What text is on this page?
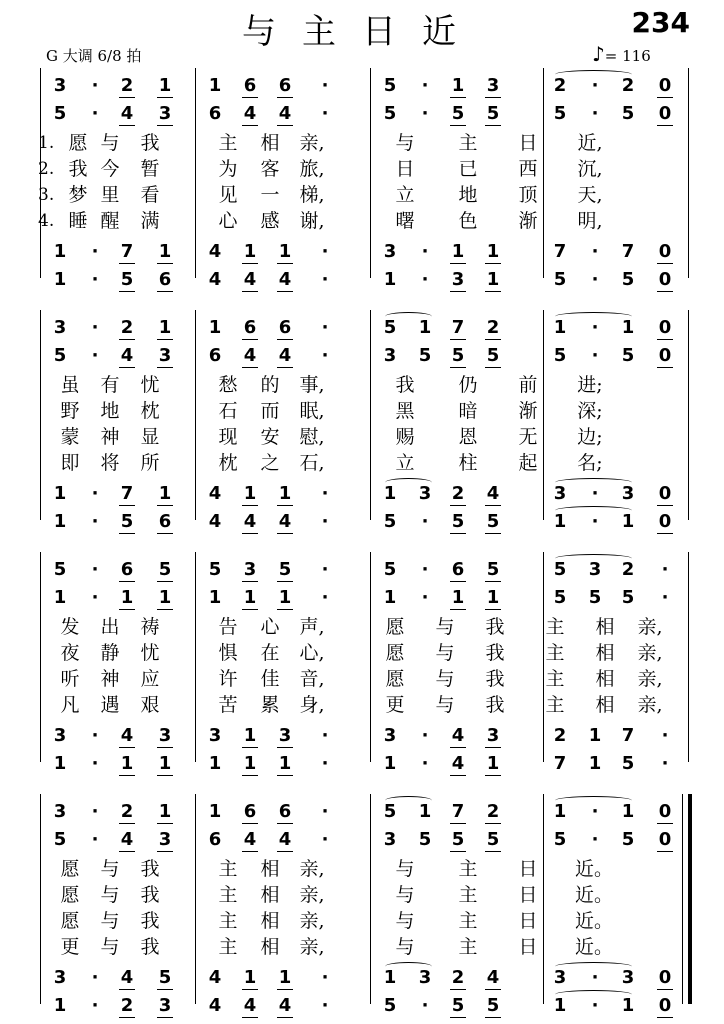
与主日近	234
G 大调 6/8 拍	♪= 116
3	·	2 1 1 6 6	·	5	·	1 3	2	·	2 0
5	·	4 3 6 4 4	·	5	·	5 5	5	·	5 0
1. 愿 与 我	主 相 亲,	与 主 日 近,
2. 我 今 暂	为 客 旅,	日 已 西 沉,
3. 梦 里 看	见 一 梯,	立 地 顶 天,
4. 睡 醒 满	心 感 谢,	曙 色 渐 明,
1	·	7 1 4 1 1	·	3	·	1 1	7	·	7 0
1	·	5 6 4 4 4	·	1	·	3 1	5	·	5 0
3	·	2 1 1 6 6	·	5 1 7 2	1	·	1 0
5	·	4 3 6 4 4	·	3 5 5 5	5	·	5 0
虽 有 忧	愁 的 事,	我 仍 前 进;
野 地 枕	石 而 眠,	黑 暗 渐 深;
蒙 神 显	现 安 慰,	赐 恩 无 边;
即 将 所	枕 之 石,	立 柱 起 名;
1	·	7 1 4 1 1	·	1 3 2 4	3	·	3 0
1	·	5 6 4 4 4	·	5	·	5 5	1	·	1 0
5	·	6 5 5 3 5	·	5	·	6 5	5 3 2	·
1	·	1 1 1 1 1	·	1	·	1 1	5 5 5	·
发 出 祷	告 心 声,	愿 与 我 主 相 亲,
夜 静 忧	惧 在 心,	愿 与 我 主 相 亲,
听 神 应	许 佳 音,	愿 与 我 主 相 亲,
凡 遇 艰	苦 累 身,	更 与 我 主 相 亲,
3	·	4 3 3 1 3	·	3	·	4 3	2 1 7	·
1	·	1 1 1 1 1	·	1	·	4 1	7 1 5	·
3	·	2 1 1 6 6	·	5 1 7 2	1	·	1 0
5	·	4 3 6 4 4	·	3 5 5 5	5	·	5 0
愿 与 我	主 相 亲,	与 主 日 近。
愿 与 我	主 相 亲,	与 主 日 近。
愿 与 我	主 相 亲,	与 主 日 近。
更 与 我	主 相 亲,	与 主 日 近。
3	·	4 5 4 1 1	·	1 3 2 4	3	·	3 0
1	·	2 3 4 4 4	·	5	·	5 5	1	·	1 0
